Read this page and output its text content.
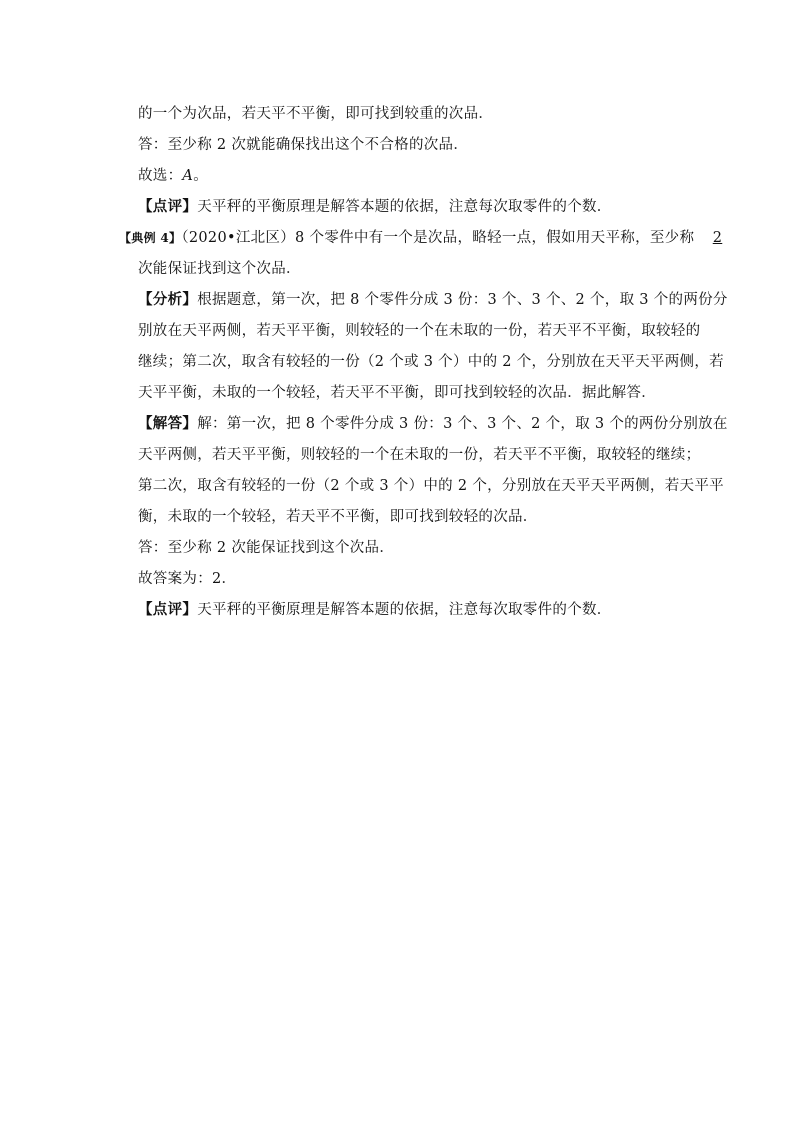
的一个为次品，若天平不平衡，即可找到较重的次品．
答：至少称 2 次就能确保找出这个不合格的次品．
故选：A。
【点评】天平秤的平衡原理是解答本题的依据，注意每次取零件的个数．
【典例 4】（2020•江北区）8 个零件中有一个是次品，略轻一点，假如用天平称，至少称 2
次能保证找到这个次品．
【分析】根据题意，第一次，把 8 个零件分成 3 份：3 个、3 个、2 个，取 3 个的两份分
别放在天平两侧，若天平平衡，则较轻的一个在未取的一份，若天平不平衡，取较轻的
继续；第二次，取含有较轻的一份（2 个或 3 个）中的 2 个，分别放在天平天平两侧，若
天平平衡，未取的一个较轻，若天平不平衡，即可找到较轻的次品．据此解答．
【解答】解：第一次，把 8 个零件分成 3 份：3 个、3 个、2 个，取 3 个的两份分别放在
天平两侧，若天平平衡，则较轻的一个在未取的一份，若天平不平衡，取较轻的继续；
第二次，取含有较轻的一份（2 个或 3 个）中的 2 个，分别放在天平天平两侧，若天平平
衡，未取的一个较轻，若天平不平衡，即可找到较轻的次品．
答：至少称 2 次能保证找到这个次品．
故答案为：2．
【点评】天平秤的平衡原理是解答本题的依据，注意每次取零件的个数．
